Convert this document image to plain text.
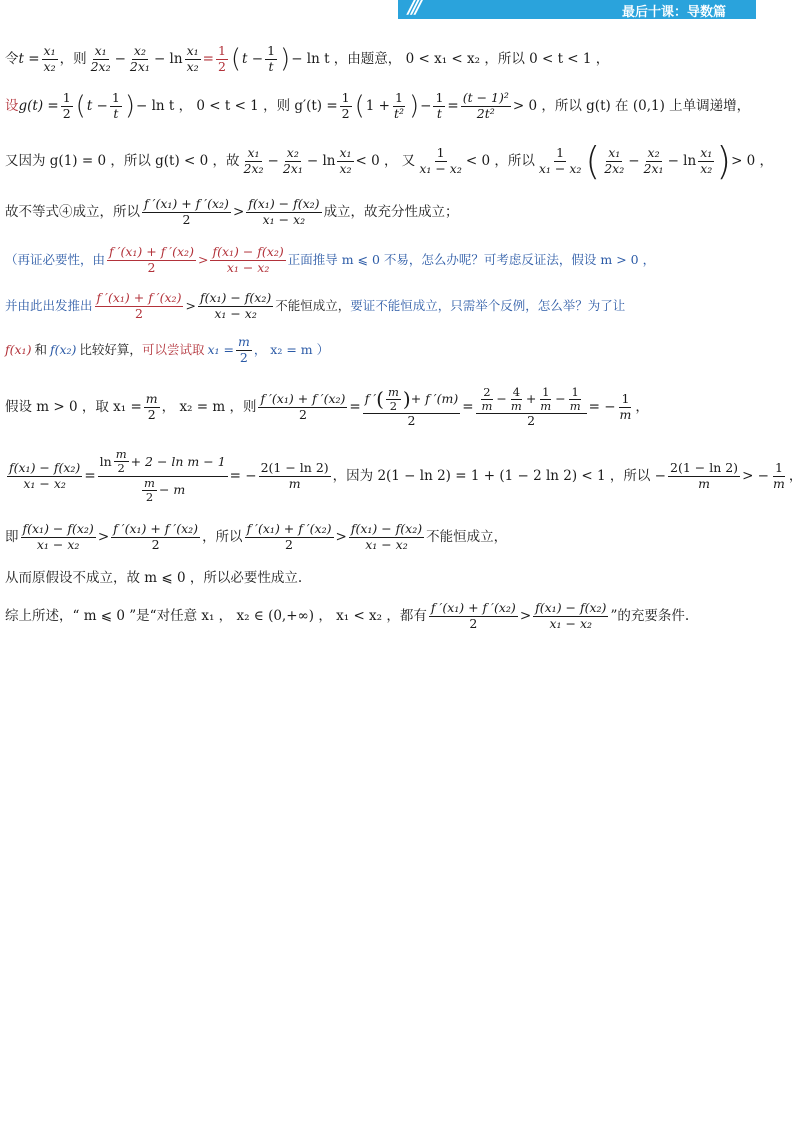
///	最后十课：导数篇
令 $t = \frac{\text{x₁}}{\text{x₂}}$ ，则 $\frac{\text{x₁}}{\text{2x₂}} - \frac{\text{x₂}}{\text{2x₁}} - \ln \frac{\text{x₁}}{\text{x₂}} = \frac{1}{2}$ ( $t - \frac{1}{t}$ ) − ln t ，由题意， 0 < x₁ < x₂ ，所以 0 < t < 1 ，
设 $g(t) = \frac{1}{2}$ ( $t - \frac{1}{t}$ ) − ln t ， 0 < t < 1 ，则 $g'(t) = \frac{1}{2}$ ( $1 + \frac{1}{\text{t²}}$ ) − $\frac{1}{t} = \frac{\text{(t − 1)²}}{\text{2t²}} > 0$ ，所以 g(t) 在 (0,1) 上单调递增，
又因为 g(1) = 0 ，所以 g(t) < 0 ，故 $\frac{\text{x₁}}{\text{2x₂}} - \frac{\text{x₂}}{\text{2x₁}} - \ln \frac{\text{x₁}}{\text{x₂}} < 0$ ， 又 $\frac{1}{\text{x₁ − x₂}} < 0$ ，所以 $\frac{1}{\text{x₁ − x₂}}$ ( $\frac{\text{x₁}}{\text{2x₂}} - \frac{\text{x₂}}{\text{2x₁}} - \ln \frac{\text{x₁}}{\text{x₂}}$ ) > 0 ，
故不等式④成立，所以 $\frac{\text{f ′(x₁) + f ′(x₂)}}{2} > \frac{\text{f(x₁) − f(x₂)}}{\text{x₁ − x₂}}$ 成立，故充分性成立；
（再证必要性，由 $\frac{\text{f ′(x₁) + f ′(x₂)}}{2} > \frac{\text{f(x₁) − f(x₂)}}{\text{x₁ − x₂}}$ 正面推导 m ⩽ 0 不易，怎么办呢？可考虑反证法，假设 m > 0 ，
并由此出发推出 $\frac{\text{f ′(x₁) + f ′(x₂)}}{2} > \frac{\text{f(x₁) − f(x₂)}}{\text{x₁ − x₂}}$ 不能恒成立， 要证不能恒成立，只需举个反例，怎么举？为了让
f(x₁) 和 f(x₂) 比较好算， 可以尝试取 $x_1 = \frac{m}{2}$ ， x₂ = m ）
假设 m > 0 ，取 $x_1 = \frac{m}{2}$ ， x₂ = m ，则 $\frac{\text{f ′(x₁) + f ′(x₂)}}{2} = \frac{f ' ( \frac{m}{2} ) + f '(m)}{2} = \frac{2}{m} - \frac{4}{m} + \frac{1}{m} - \frac{1}{m}$
2
= − $\frac{1}{m}$ ，
$\frac{\text{f(x₁) − f(x₂)}}{\text{x₁ − x₂}} = \frac{\ln \frac{m}{2} + 2 - \ln m - 1}{\frac{m}{2} - m}$ = − $\frac{2(1 - \ln 2)}{m}$ ，因为 2(1 − ln 2) = 1 + (1 − 2 ln 2) < 1 ，所以 − $\frac{2(1 - \ln 2)}{m}$ > − $\frac{1}{m}$ ，
即 $\frac{\text{f(x₁) − f(x₂)}}{\text{x₁ − x₂}} > \frac{\text{f ′(x₁) + f ′(x₂)}}{2}$ ，所以 $\frac{\text{f ′(x₁) + f ′(x₂)}}{2} > \frac{\text{f(x₁) − f(x₂)}}{\text{x₁ − x₂}}$ 不能恒成立，
从而原假设不成立，故 m ⩽ 0 ，所以必要性成立.
综上所述，“ m ⩽ 0 ”是“对任意 x₁ ， x₂ ∈ (0,+∞) ， x₁ < x₂ ，都有 $\frac{\text{f ′(x₁) + f ′(x₂)}}{2} > \frac{\text{f(x₁) − f(x₂)}}{\text{x₁ − x₂}}$ ”的充要条件.
